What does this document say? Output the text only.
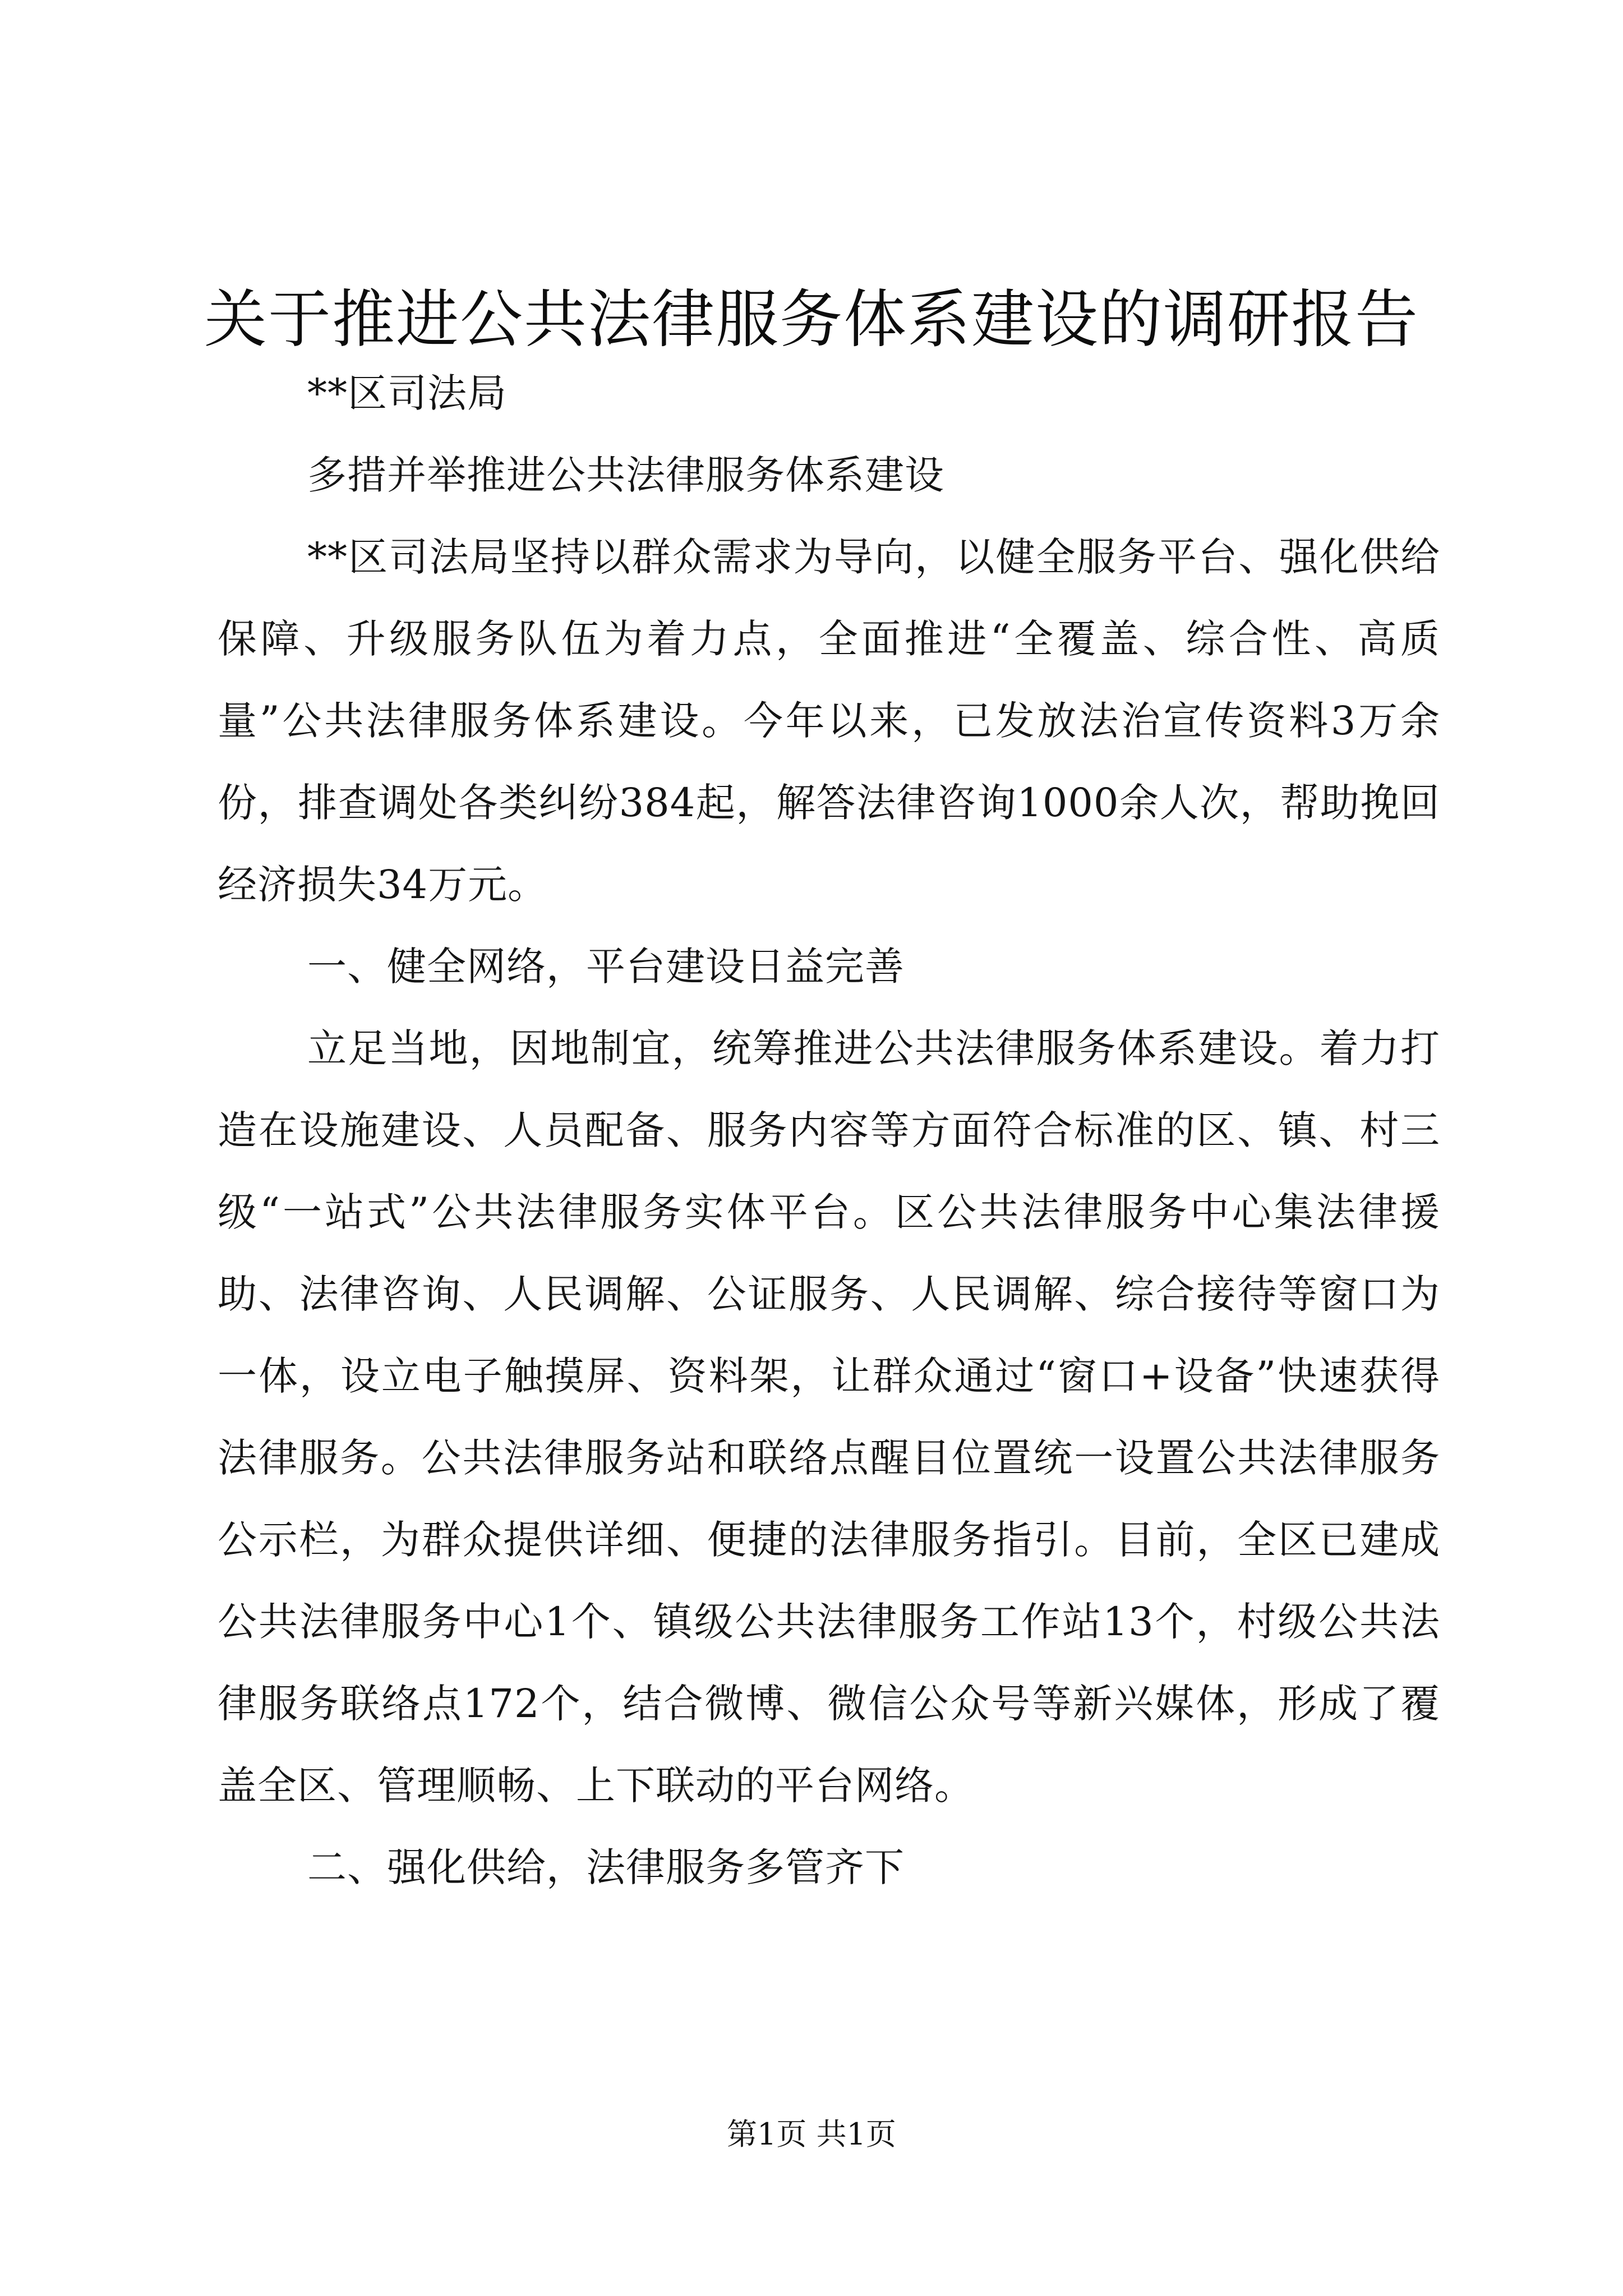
关于推进公共法律服务体系建设的调研报告

**区司法局

多措并举推进公共法律服务体系建设

**区司法局坚持以群众需求为导向，以健全服务平台、强化供给保障、升级服务队伍为着力点，全面推进“全覆盖、综合性、高质量”公共法律服务体系建设。今年以来，已发放法治宣传资料3万余份，排查调处各类纠纷384起，解答法律咨询1000余人次，帮助挽回经济损失34万元。

一、健全网络，平台建设日益完善

立足当地，因地制宜，统筹推进公共法律服务体系建设。着力打造在设施建设、人员配备、服务内容等方面符合标准的区、镇、村三级“一站式”公共法律服务实体平台。区公共法律服务中心集法律援助、法律咨询、人民调解、公证服务、人民调解、综合接待等窗口为一体，设立电子触摸屏、资料架，让群众通过“窗口+设备”快速获得法律服务。公共法律服务站和联络点醒目位置统一设置公共法律服务公示栏，为群众提供详细、便捷的法律服务指引。目前，全区已建成公共法律服务中心1个、镇级公共法律服务工作站13个，村级公共法律服务联络点172个，结合微博、微信公众号等新兴媒体，形成了覆盖全区、管理顺畅、上下联动的平台网络。

二、强化供给，法律服务多管齐下

第1页 共1页
